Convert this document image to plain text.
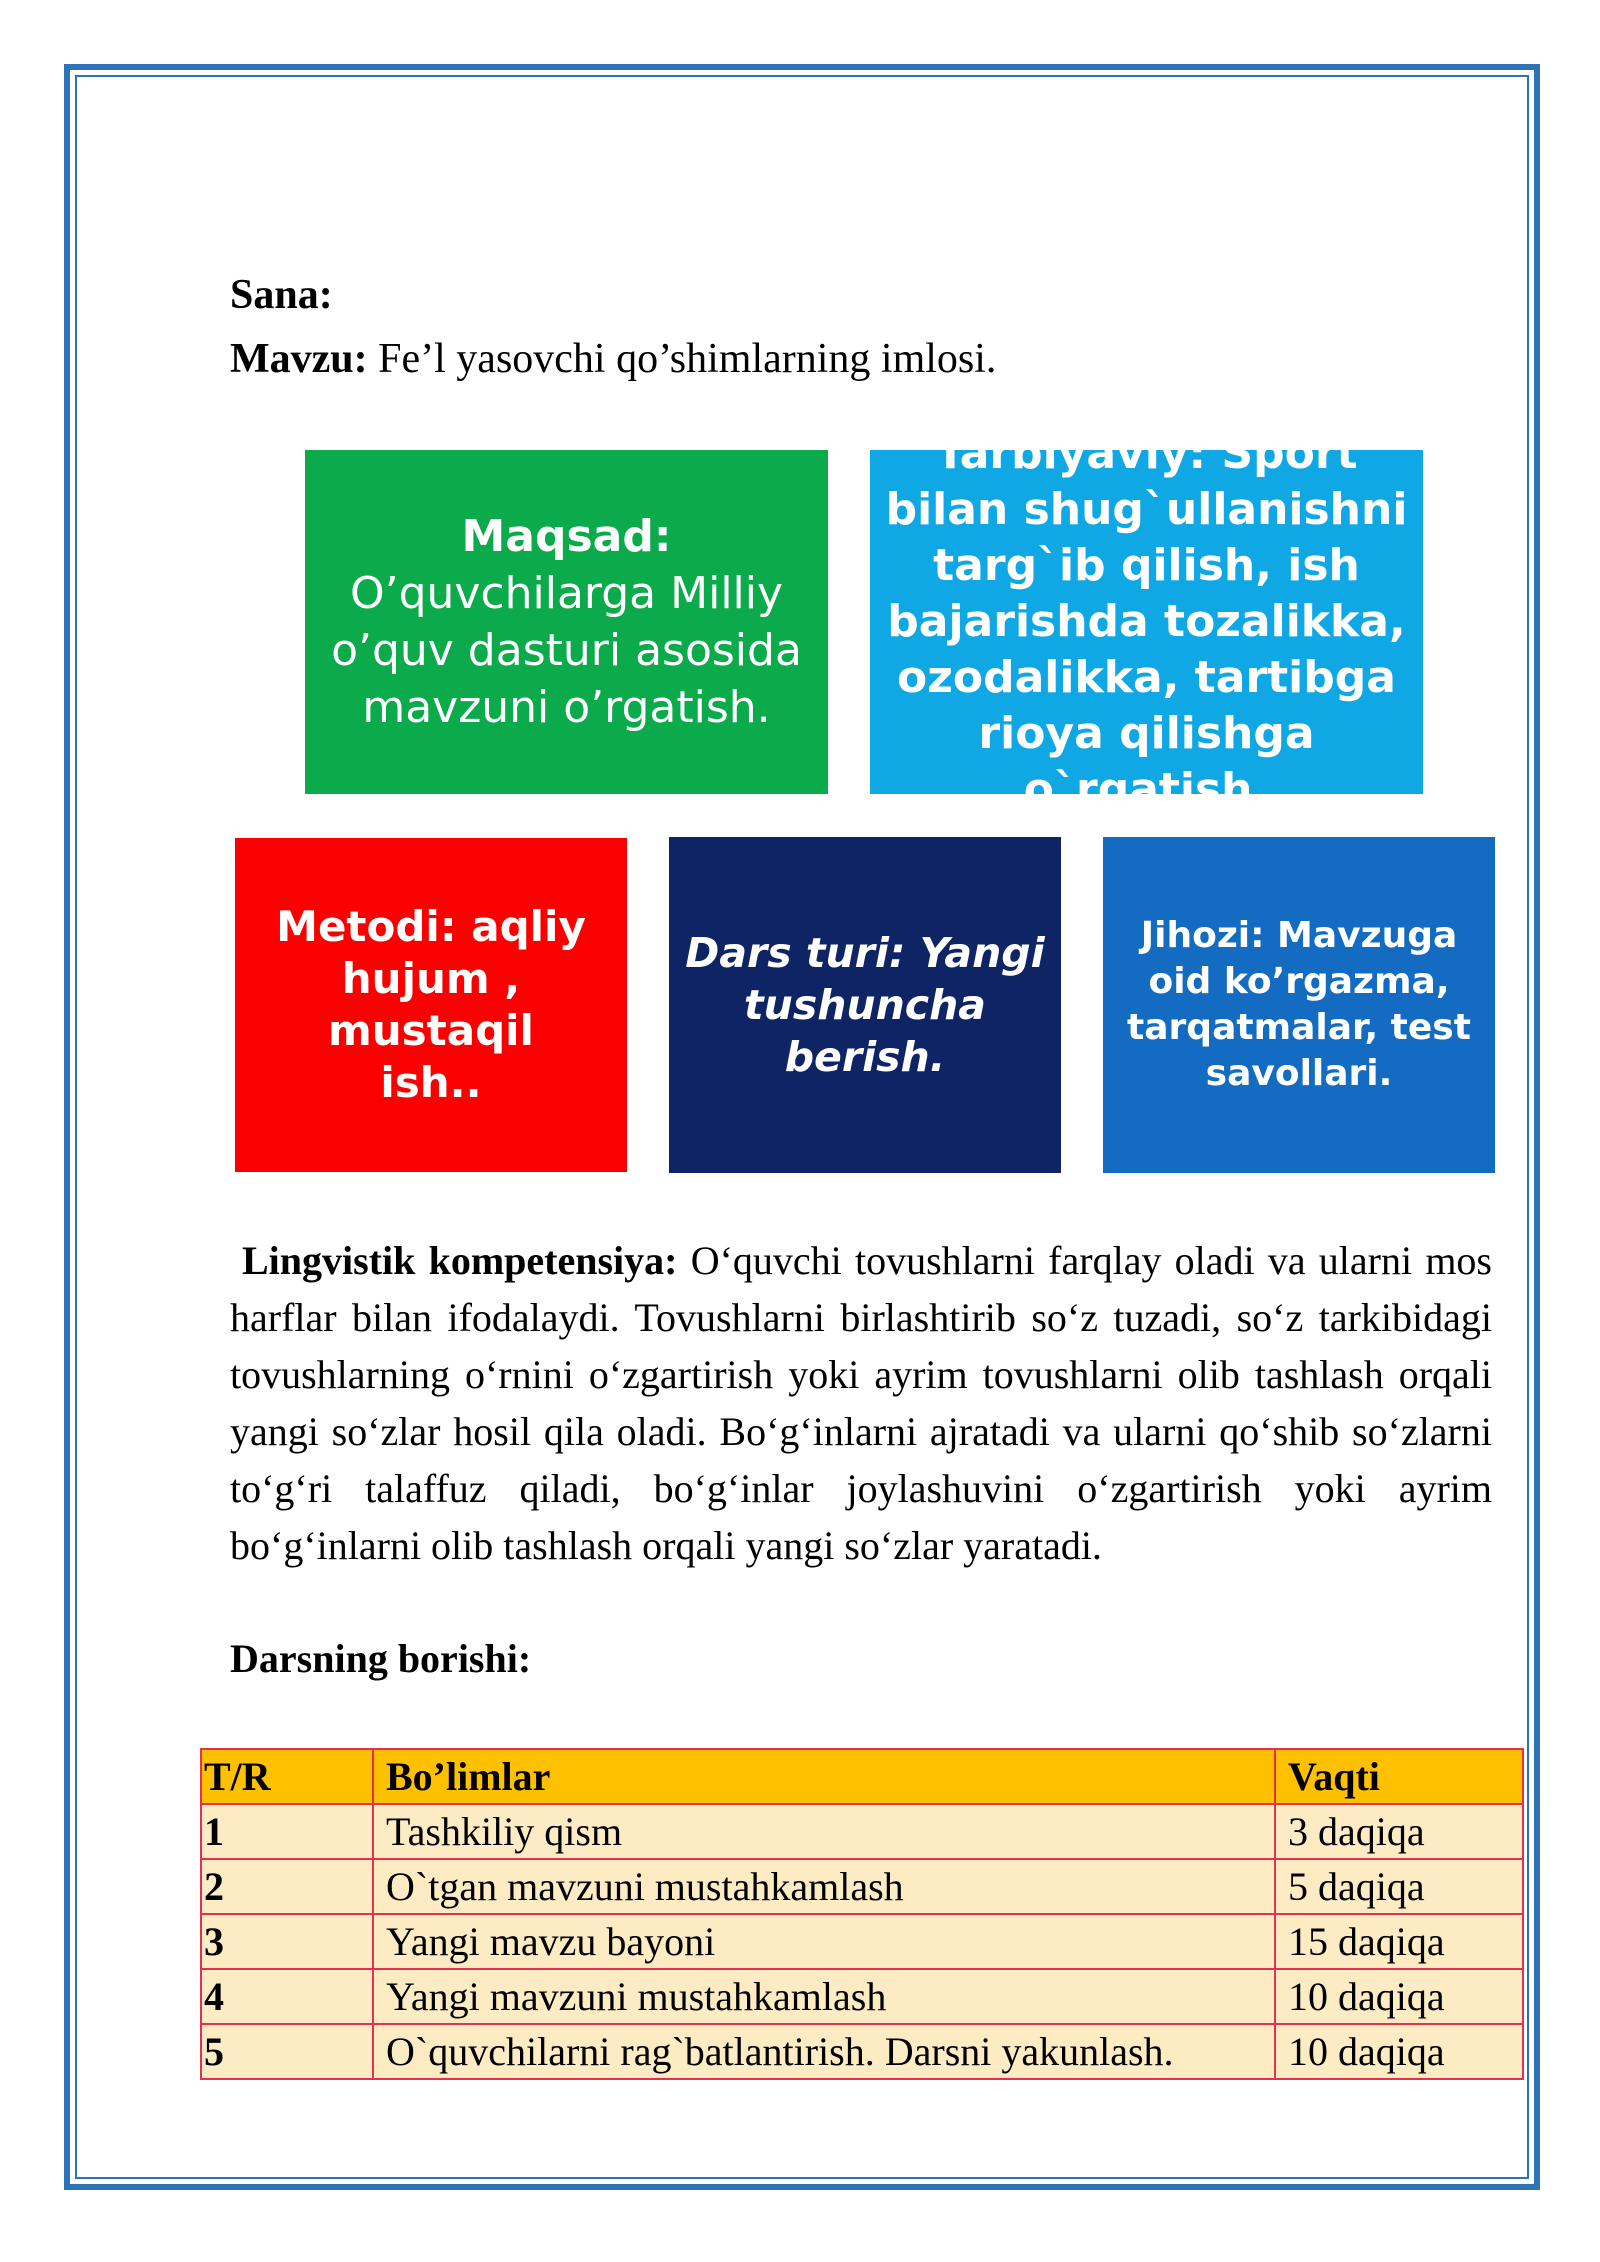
Sana:
Mavzu: Fe’l yasovchi qo’shimlarning imlosi.
Maqsad: O’quvchilarga Milliy o’quv dasturi asosida mavzuni o’rgatish.
Tarbiyaviy: Sport bilan shug`ullanishni targ`ib qilish, ish bajarishda tozalikka, ozodalikka, tartibga rioya qilishga o`rgatish.
Metodi: aqliy hujum , mustaqil ish..
Dars turi: Yangi tushuncha berish.
Jihozi: Mavzuga oid ko’rgazma, tarqatmalar, test savollari.
Lingvistik kompetensiya: O‘quvchi tovushlarni farqlay oladi va ularni mos harflar bilan ifodalaydi. Tovushlarni birlashtirib so‘z tuzadi, so‘z tarkibidagi tovushlarning o‘rnini o‘zgartirish yoki ayrim tovushlarni olib tashlash orqali yangi so‘zlar hosil qila oladi. Bo‘g‘inlarni ajratadi va ularni qo‘shib so‘zlarni to‘g‘ri talaffuz qiladi, bo‘g‘inlar joylashuvini o‘zgartirish yoki ayrim bo‘g‘inlarni olib tashlash orqali yangi so‘zlar yaratadi.
Darsning borishi:
T/R	Bo’limlar	Vaqti
1	Tashkiliy qism	3 daqiqa
2	O`tgan mavzuni mustahkamlash	5 daqiqa
3	Yangi mavzu bayoni	15 daqiqa
4	Yangi mavzuni mustahkamlash	10 daqiqa
5	O`quvchilarni rag`batlantirish. Darsni yakunlash.	10 daqiqa
